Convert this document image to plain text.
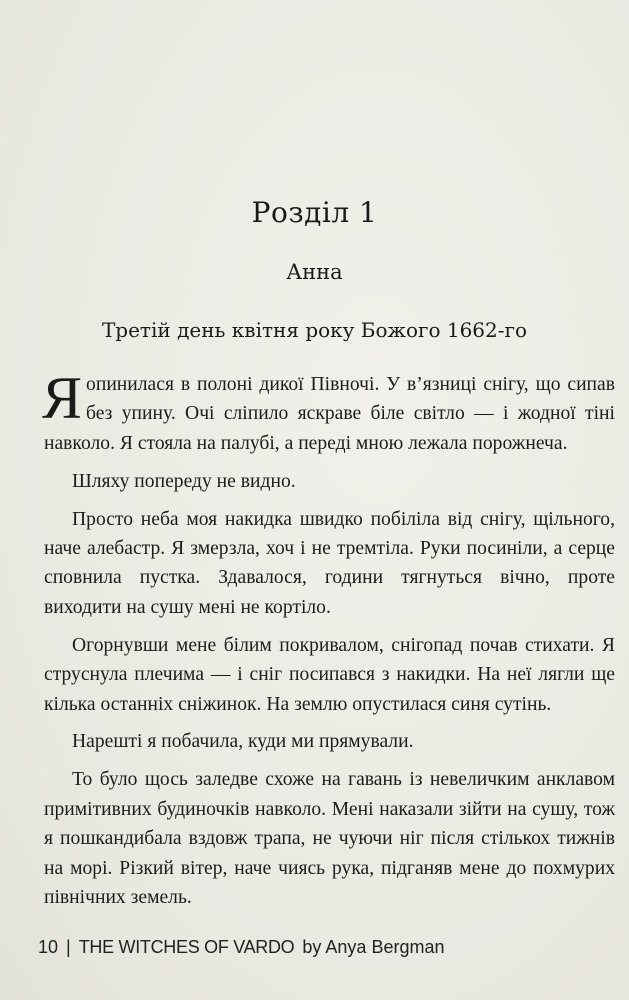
Розділ 1
Анна
Третій день квітня року Божого 1662-го

Я опинилася в полоні дикої Півночі. У в’язниці снігу, що сипав без упину. Очі сліпило яскраве біле світло — і жодної тіні навколо. Я стояла на палубі, а переді мною лежала порожнеча.

Шляху попереду не видно.

Просто неба моя накидка швидко побіліла від снігу, щільного, наче алебастр. Я змерзла, хоч і не тремтіла. Руки посиніли, а серце сповнила пустка. Здавалося, години тягнуться вічно, проте виходити на сушу мені не кортіло.

Огорнувши мене білим покривалом, снігопад почав стихати. Я струснула плечима — і сніг посипався з накидки. На неї лягли ще кілька останніх сніжинок. На землю опустилася синя сутінь.

Нарешті я побачила, куди ми прямували.

То було щось заледве схоже на гавань із невеличким анклавом примітивних будиночків навколо. Мені наказали зійти на сушу, тож я пошкандибала вздовж трапа, не чуючи ніг після стількох тижнів на морі. Різкий вітер, наче чиясь рука, підганяв мене до похмурих північних земель.

10 | THE WITCHES OF VARDO by Anya Bergman
